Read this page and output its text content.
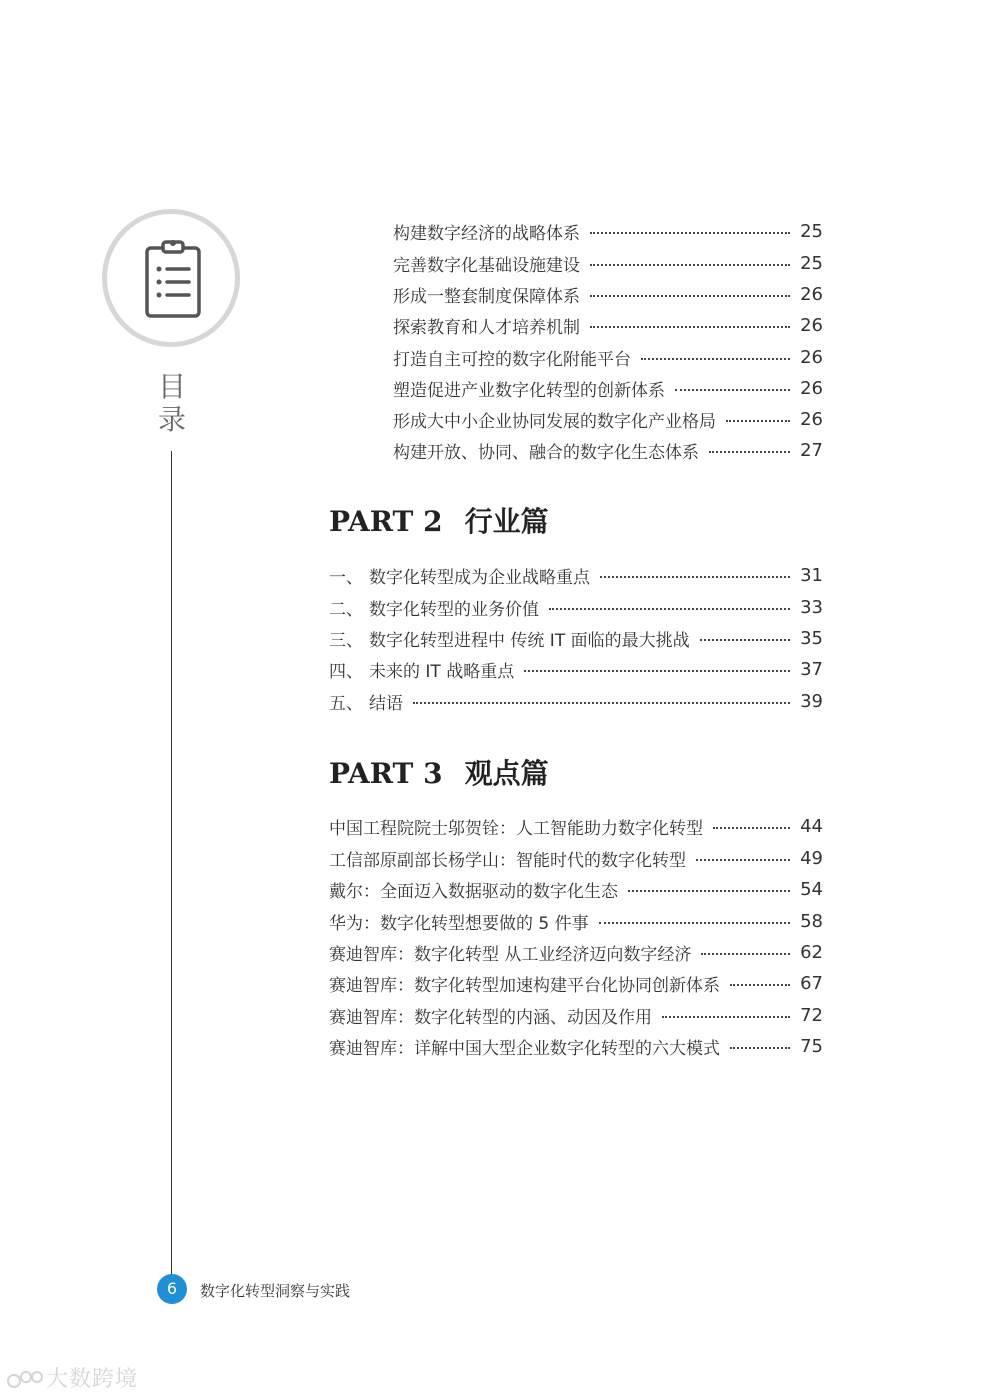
目
录
构建数字经济的战略体系	25
完善数字化基础设施建设	25
形成一整套制度保障体系	26
探索教育和人才培养机制	26
打造自主可控的数字化附能平台	26
塑造促进产业数字化转型的创新体系	26
形成大中小企业协同发展的数字化产业格局	26
构建开放、协同、融合的数字化生态体系	27
PART 2 行业篇
一、 数字化转型成为企业战略重点	31
二、 数字化转型的业务价值	33
三、 数字化转型进程中 传统 IT 面临的最大挑战	35
四、 未来的 IT 战略重点	37
五、 结语	39
PART 3 观点篇
中国工程院院士邬贺铨：人工智能助力数字化转型	44
工信部原副部长杨学山：智能时代的数字化转型	49
戴尔：全面迈入数据驱动的数字化生态	54
华为：数字化转型想要做的 5 件事	58
赛迪智库：数字化转型 从工业经济迈向数字经济	62
赛迪智库：数字化转型加速构建平台化协同创新体系	67
赛迪智库：数字化转型的内涵、动因及作用	72
赛迪智库：详解中国大型企业数字化转型的六大模式	75
6	数字化转型洞察与实践
大数跨境
